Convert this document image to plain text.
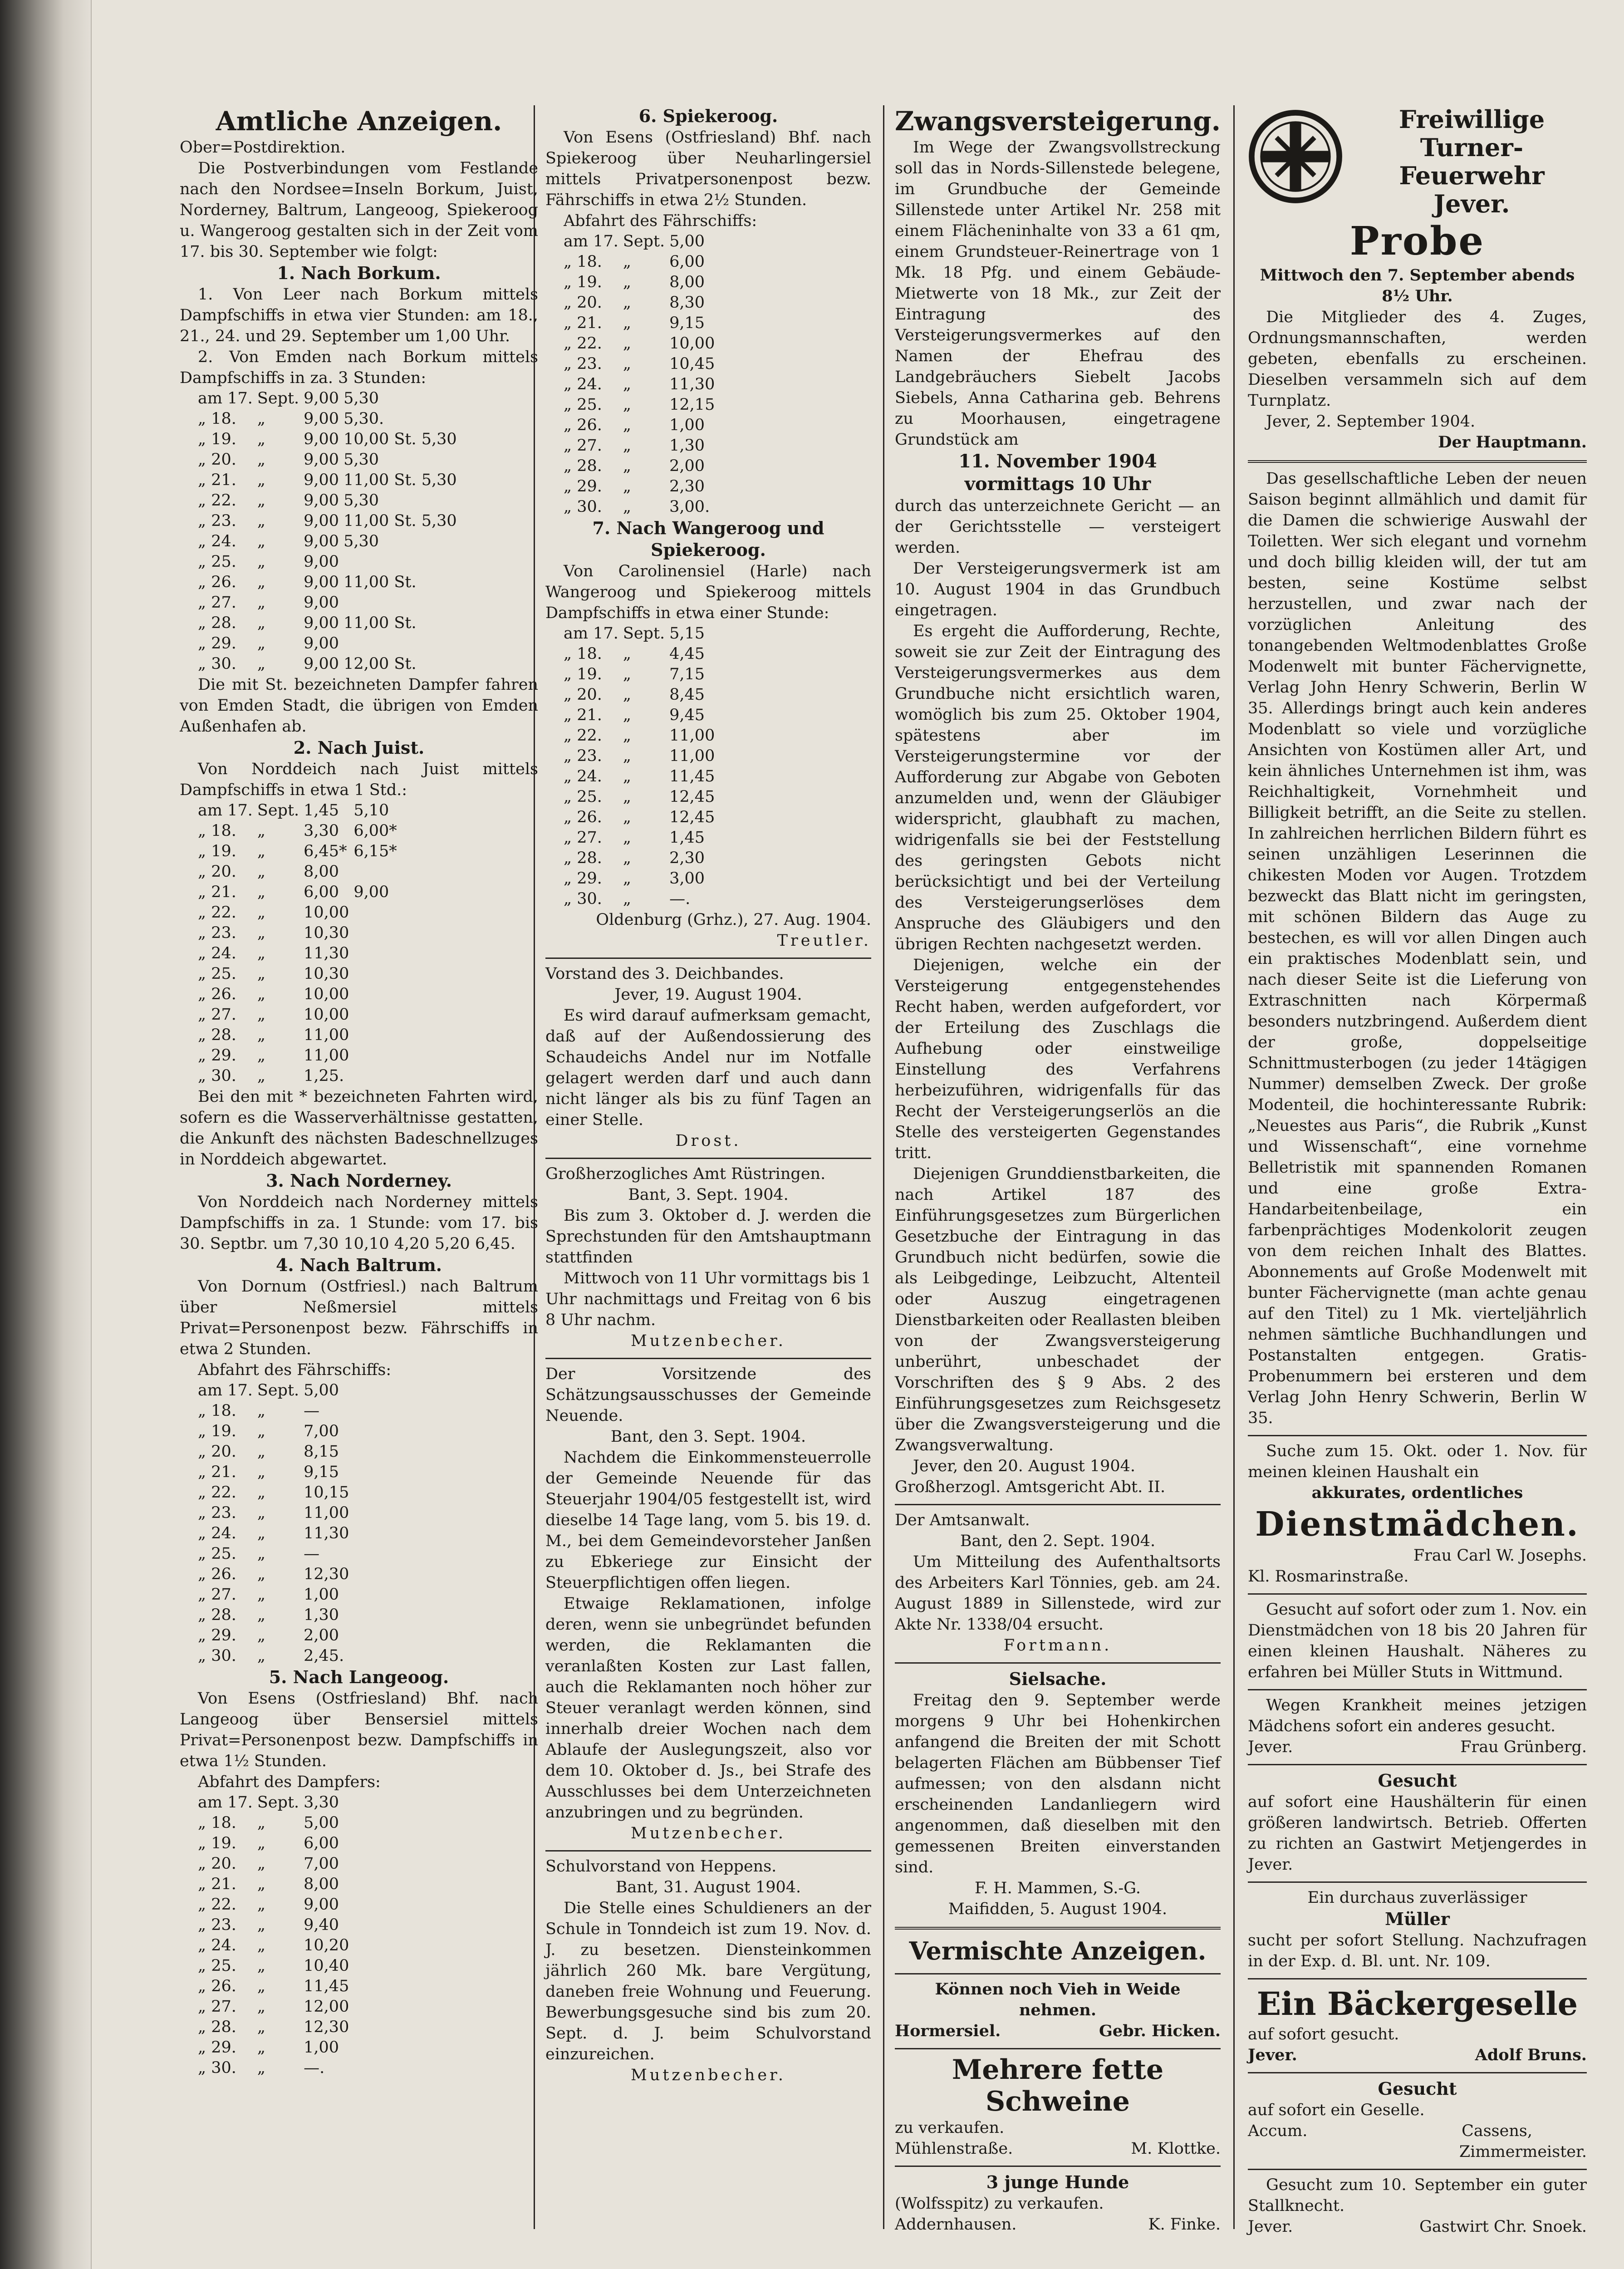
Amtliche Anzeigen.

Ober=Postdirektion.

Die Postverbindungen vom Festlande nach den Nordsee=Inseln Borkum, Juist, Norderney, Baltrum, Langeoog, Spiekeroog u. Wangeroog gestalten sich in der Zeit vom 17. bis 30. September wie folgt:

1. Nach Borkum.

1. Von Leer nach Borkum mittels Dampfschiffs in etwa vier Stunden: am 18., 21., 24. und 29. September um 1,00 Uhr.

2. Von Emden nach Borkum mittels Dampfschiffs in za. 3 Stunden:

am 17.	Sept.	9,00	5,30
„ 18.	„	9,00	5,30.
„ 19.	„	9,00	10,00 St. 5,30
„ 20.	„	9,00	5,30
„ 21.	„	9,00	11,00 St. 5,30
„ 22.	„	9,00	5,30
„ 23.	„	9,00	11,00 St. 5,30
„ 24.	„	9,00	5,30
„ 25.	„	9,00	
„ 26.	„	9,00	11,00 St.
„ 27.	„	9,00	
„ 28.	„	9,00	11,00 St.
„ 29.	„	9,00	
„ 30.	„	9,00	12,00 St.

Die mit St. bezeichneten Dampfer fahren von Emden Stadt, die übrigen von Emden Außenhafen ab.

2. Nach Juist.

Von Norddeich nach Juist mittels Dampfschiffs in etwa 1 Std.:

am 17.	Sept.	1,45	5,10
„ 18.	„	3,30	6,00*
„ 19.	„	6,45*	6,15*
„ 20.	„	8,00	
„ 21.	„	6,00	9,00
„ 22.	„	10,00	
„ 23.	„	10,30	
„ 24.	„	11,30	
„ 25.	„	10,30	
„ 26.	„	10,00	
„ 27.	„	10,00	
„ 28.	„	11,00	
„ 29.	„	11,00	
„ 30.	„	1,25.	

Bei den mit * bezeichneten Fahrten wird, sofern es die Wasserverhältnisse gestatten, die Ankunft des nächsten Badeschnellzuges in Norddeich abgewartet.

3. Nach Norderney.

Von Norddeich nach Norderney mittels Dampfschiffs in za. 1 Stunde: vom 17. bis 30. Septbr. um 7,30 10,10 4,20 5,20 6,45.

4. Nach Baltrum.

Von Dornum (Ostfriesl.) nach Baltrum über Neßmersiel mittels Privat=Personenpost bezw. Fährschiffs in etwa 2 Stunden.

Abfahrt des Fährschiffs:

am 17.	Sept.	5,00
„ 18.	„	—
„ 19.	„	7,00
„ 20.	„	8,15
„ 21.	„	9,15
„ 22.	„	10,15
„ 23.	„	11,00
„ 24.	„	11,30
„ 25.	„	—
„ 26.	„	12,30
„ 27.	„	1,00
„ 28.	„	1,30
„ 29.	„	2,00
„ 30.	„	2,45.
5. Nach Langeoog.

Von Esens (Ostfriesland) Bhf. nach Langeoog über Bensersiel mittels Privat=Personenpost bezw. Dampfschiffs in etwa 1½ Stunden.

Abfahrt des Dampfers:

am 17.	Sept.	3,30
„ 18.	„	5,00
„ 19.	„	6,00
„ 20.	„	7,00
„ 21.	„	8,00
„ 22.	„	9,00
„ 23.	„	9,40
„ 24.	„	10,20
„ 25.	„	10,40
„ 26.	„	11,45
„ 27.	„	12,00
„ 28.	„	12,30
„ 29.	„	1,00
„ 30.	„	—.
6. Spiekeroog.

Von Esens (Ostfriesland) Bhf. nach Spiekeroog über Neuharlingersiel mittels Privatpersonenpost bezw. Fährschiffs in etwa 2½ Stunden.

Abfahrt des Fährschiffs:

am 17.	Sept.	5,00
„ 18.	„	6,00
„ 19.	„	8,00
„ 20.	„	8,30
„ 21.	„	9,15
„ 22.	„	10,00
„ 23.	„	10,45
„ 24.	„	11,30
„ 25.	„	12,15
„ 26.	„	1,00
„ 27.	„	1,30
„ 28.	„	2,00
„ 29.	„	2,30
„ 30.	„	3,00.
7. Nach Wangeroog und Spiekeroog.

Von Carolinensiel (Harle) nach Wangeroog und Spiekeroog mittels Dampfschiffs in etwa einer Stunde:

am 17.	Sept.	5,15
„ 18.	„	4,45
„ 19.	„	7,15
„ 20.	„	8,45
„ 21.	„	9,45
„ 22.	„	11,00
„ 23.	„	11,00
„ 24.	„	11,45
„ 25.	„	12,45
„ 26.	„	12,45
„ 27.	„	1,45
„ 28.	„	2,30
„ 29.	„	3,00
„ 30.	„	—.

Oldenburg (Grhz.), 27. Aug. 1904.

Treutler.

Vorstand des 3. Deichbandes.

Jever, 19. August 1904.

Es wird darauf aufmerksam gemacht, daß auf der Außendossierung des Schaudeichs Andel nur im Notfalle gelagert werden darf und auch dann nicht länger als bis zu fünf Tagen an einer Stelle.

Drost.

Großherzogliches Amt Rüstringen.

Bant, 3. Sept. 1904.

Bis zum 3. Oktober d. J. werden die Sprechstunden für den Amtshauptmann stattfinden

Mittwoch von 11 Uhr vormittags bis 1 Uhr nachmittags und Freitag von 6 bis 8 Uhr nachm.

Mutzenbecher.

Der Vorsitzende des Schätzungsausschusses der Gemeinde Neuende.

Bant, den 3. Sept. 1904.

Nachdem die Einkommensteuerrolle der Gemeinde Neuende für das Steuerjahr 1904/05 festgestellt ist, wird dieselbe 14 Tage lang, vom 5. bis 19. d. M., bei dem Gemeindevorsteher Janßen zu Ebkeriege zur Einsicht der Steuerpflichtigen offen liegen.

Etwaige Reklamationen, infolge deren, wenn sie unbegründet befunden werden, die Reklamanten die veranlaßten Kosten zur Last fallen, auch die Reklamanten noch höher zur Steuer veranlagt werden können, sind innerhalb dreier Wochen nach dem Ablaufe der Auslegungszeit, also vor dem 10. Oktober d. Js., bei Strafe des Ausschlusses bei dem Unterzeichneten anzubringen und zu begründen.

Mutzenbecher.

Schulvorstand von Heppens.

Bant, 31. August 1904.

Die Stelle eines Schuldieners an der Schule in Tonndeich ist zum 19. Nov. d. J. zu besetzen. Diensteinkommen jährlich 260 Mk. bare Vergütung, daneben freie Wohnung und Feuerung. Bewerbungsgesuche sind bis zum 20. Sept. d. J. beim Schulvorstand einzureichen.

Mutzenbecher.

Zwangsversteigerung.

Im Wege der Zwangsvollstreckung soll das in Nords-Sillenstede belegene, im Grundbuche der Gemeinde Sillenstede unter Artikel Nr. 258 mit einem Flächeninhalte von 33 a 61 qm, einem Grundsteuer-Reinertrage von 1 Mk. 18 Pfg. und einem Gebäude-Mietwerte von 18 Mk., zur Zeit der Eintragung des Versteigerungsvermerkes auf den Namen der Ehefrau des Landgebräuchers Siebelt Jacobs Siebels, Anna Catharina geb. Behrens zu Moorhausen, eingetragene Grundstück am

11. November 1904

vormittags 10 Uhr

durch das unterzeichnete Gericht — an der Gerichtsstelle — versteigert werden.

Der Versteigerungsvermerk ist am 10. August 1904 in das Grundbuch eingetragen.

Es ergeht die Aufforderung, Rechte, soweit sie zur Zeit der Eintragung des Versteigerungsvermerkes aus dem Grundbuche nicht ersichtlich waren, womöglich bis zum 25. Oktober 1904, spätestens aber im Versteigerungstermine vor der Aufforderung zur Abgabe von Geboten anzumelden und, wenn der Gläubiger widerspricht, glaubhaft zu machen, widrigenfalls sie bei der Feststellung des geringsten Gebots nicht berücksichtigt und bei der Verteilung des Versteigerungserlöses dem Anspruche des Gläubigers und den übrigen Rechten nachgesetzt werden.

Diejenigen, welche ein der Versteigerung entgegenstehendes Recht haben, werden aufgefordert, vor der Erteilung des Zuschlags die Aufhebung oder einstweilige Einstellung des Verfahrens herbeizuführen, widrigenfalls für das Recht der Versteigerungserlös an die Stelle des versteigerten Gegenstandes tritt.

Diejenigen Grunddienstbarkeiten, die nach Artikel 187 des Einführungsgesetzes zum Bürgerlichen Gesetzbuche der Eintragung in das Grundbuch nicht bedürfen, sowie die als Leibgedinge, Leibzucht, Altenteil oder Auszug eingetragenen Dienstbarkeiten oder Reallasten bleiben von der Zwangsversteigerung unberührt, unbeschadet der Vorschriften des § 9 Abs. 2 des Einführungsgesetzes zum Reichsgesetz über die Zwangsversteigerung und die Zwangsverwaltung.

Jever, den 20. August 1904.

Großherzogl. Amtsgericht Abt. II.

Der Amtsanwalt.

Bant, den 2. Sept. 1904.

Um Mitteilung des Aufenthaltsorts des Arbeiters Karl Tönnies, geb. am 24. August 1889 in Sillenstede, wird zur Akte Nr. 1338/04 ersucht.

Fortmann.

Sielsache.

Freitag den 9. September werde morgens 9 Uhr bei Hohenkirchen anfangend die Breiten der mit Schott belagerten Flächen am Bübbenser Tief aufmessen; von den alsdann nicht erscheinenden Landanliegern wird angenommen, daß dieselben mit den gemessenen Breiten einverstanden sind.

F. H. Mammen, S.-G.

Maifidden, 5. August 1904.

Vermischte Anzeigen.

Können noch Vieh in Weide nehmen.

Hormersiel.	Gebr. Hicken.

Mehrere fette Schweine

zu verkaufen.

Mühlenstraße.	M. Klottke.

3 junge Hunde

(Wolfsspitz) zu verkaufen.

Addernhausen.	K. Finke.

Freiwillige
Turner-Feuerwehr
Jever.
Probe

Mittwoch den 7. September abends 8½ Uhr.

Die Mitglieder des 4. Zuges, Ordnungsmannschaften, werden gebeten, ebenfalls zu erscheinen. Dieselben versammeln sich auf dem Turnplatz.

Jever, 2. September 1904.

Der Hauptmann.

Das gesellschaftliche Leben der neuen Saison beginnt allmählich und damit für die Damen die schwierige Auswahl der Toiletten. Wer sich elegant und vornehm und doch billig kleiden will, der tut am besten, seine Kostüme selbst herzustellen, und zwar nach der vorzüglichen Anleitung des tonangebenden Weltmodenblattes Große Modenwelt mit bunter Fächervignette, Verlag John Henry Schwerin, Berlin W 35. Allerdings bringt auch kein anderes Modenblatt so viele und vorzügliche Ansichten von Kostümen aller Art, und kein ähnliches Unternehmen ist ihm, was Reichhaltigkeit, Vornehmheit und Billigkeit betrifft, an die Seite zu stellen. In zahlreichen herrlichen Bildern führt es seinen unzähligen Leserinnen die chikesten Moden vor Augen. Trotzdem bezweckt das Blatt nicht im geringsten, mit schönen Bildern das Auge zu bestechen, es will vor allen Dingen auch ein praktisches Modenblatt sein, und nach dieser Seite ist die Lieferung von Extraschnitten nach Körpermaß besonders nutzbringend. Außerdem dient der große, doppelseitige Schnittmusterbogen (zu jeder 14tägigen Nummer) demselben Zweck. Der große Modenteil, die hochinteressante Rubrik: „Neuestes aus Paris“, die Rubrik „Kunst und Wissenschaft“, eine vornehme Belletristik mit spannenden Romanen und eine große Extra-Handarbeitenbeilage, ein farbenprächtiges Modenkolorit zeugen von dem reichen Inhalt des Blattes. Abonnements auf Große Modenwelt mit bunter Fächervignette (man achte genau auf den Titel) zu 1 Mk. vierteljährlich nehmen sämtliche Buchhandlungen und Postanstalten entgegen. Gratis-Probenummern bei ersteren und dem Verlag John Henry Schwerin, Berlin W 35.

Suche zum 15. Okt. oder 1. Nov. für meinen kleinen Haushalt ein

akkurates, ordentliches

Dienstmädchen.

Frau Carl W. Josephs.

Kl. Rosmarinstraße.

Gesucht auf sofort oder zum 1. Nov. ein Dienstmädchen von 18 bis 20 Jahren für einen kleinen Haushalt. Näheres zu erfahren bei Müller Stuts in Wittmund.

Wegen Krankheit meines jetzigen Mädchens sofort ein anderes gesucht.

Jever.	Frau Grünberg.

Gesucht

auf sofort eine Haushälterin für einen größeren landwirtsch. Betrieb. Offerten zu richten an Gastwirt Metjengerdes in Jever.

Ein durchaus zuverlässiger

Müller

sucht per sofort Stellung. Nachzufragen in der Exp. d. Bl. unt. Nr. 109.

Ein Bäckergeselle

auf sofort gesucht.

Jever.	Adolf Bruns.

Gesucht

auf sofort ein Geselle.

Accum.	Cassens,

Zimmermeister.

Gesucht zum 10. September ein guter Stallknecht.

Jever.	Gastwirt Chr. Snoek.
